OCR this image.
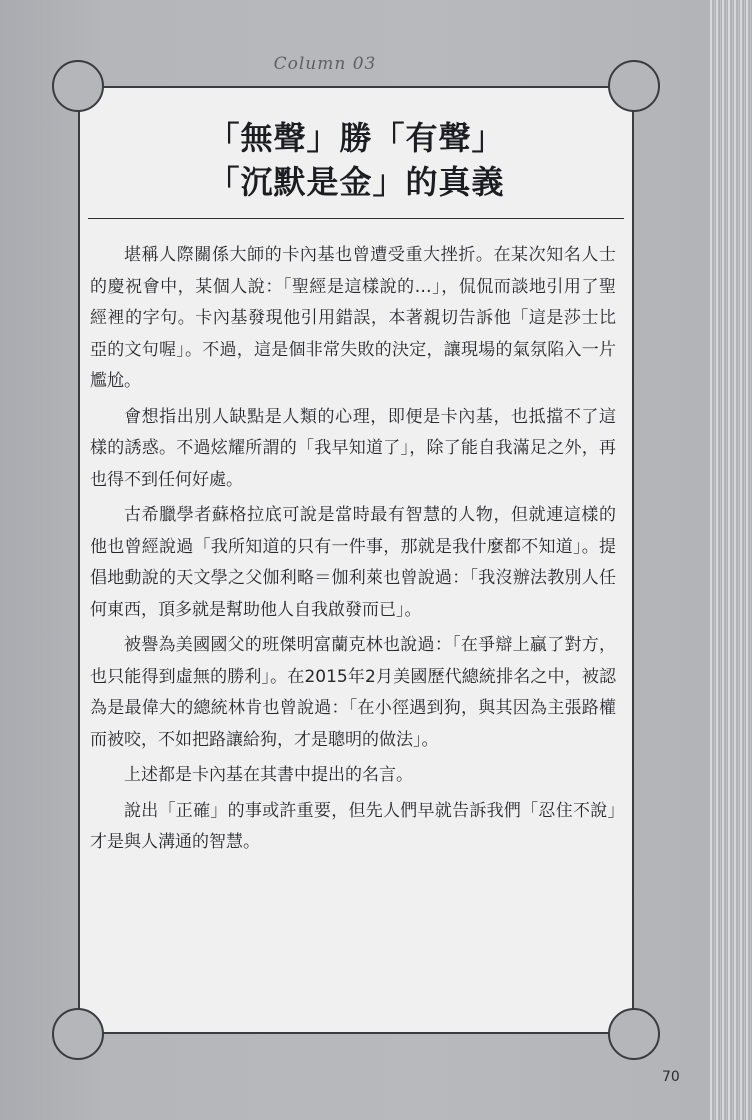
Column 03
「無聲」勝「有聲」
「沉默是金」的真義

堪稱人際關係大師的卡內基也曾遭受重大挫折。在某次知名人士的慶祝會中，某個人說：「聖經是這樣說的…」，侃侃而談地引用了聖經裡的字句。卡內基發現他引用錯誤，本著親切告訴他「這是莎士比亞的文句喔」。不過，這是個非常失敗的決定，讓現場的氣氛陷入一片尷尬。

會想指出別人缺點是人類的心理，即便是卡內基，也抵擋不了這樣的誘惑。不過炫耀所謂的「我早知道了」，除了能自我滿足之外，再也得不到任何好處。

古希臘學者蘇格拉底可說是當時最有智慧的人物，但就連這樣的他也曾經說過「我所知道的只有一件事，那就是我什麼都不知道」。提倡地動說的天文學之父伽利略＝伽利萊也曾說過：「我沒辦法教別人任何東西，頂多就是幫助他人自我啟發而已」。

被譽為美國國父的班傑明富蘭克林也說過：「在爭辯上贏了對方，也只能得到虛無的勝利」。在2015年2月美國歷代總統排名之中，被認為是最偉大的總統林肯也曾說過：「在小徑遇到狗，與其因為主張路權而被咬，不如把路讓給狗，才是聰明的做法」。

上述都是卡內基在其書中提出的名言。

說出「正確」的事或許重要，但先人們早就告訴我們「忍住不說」才是與人溝通的智慧。

70
